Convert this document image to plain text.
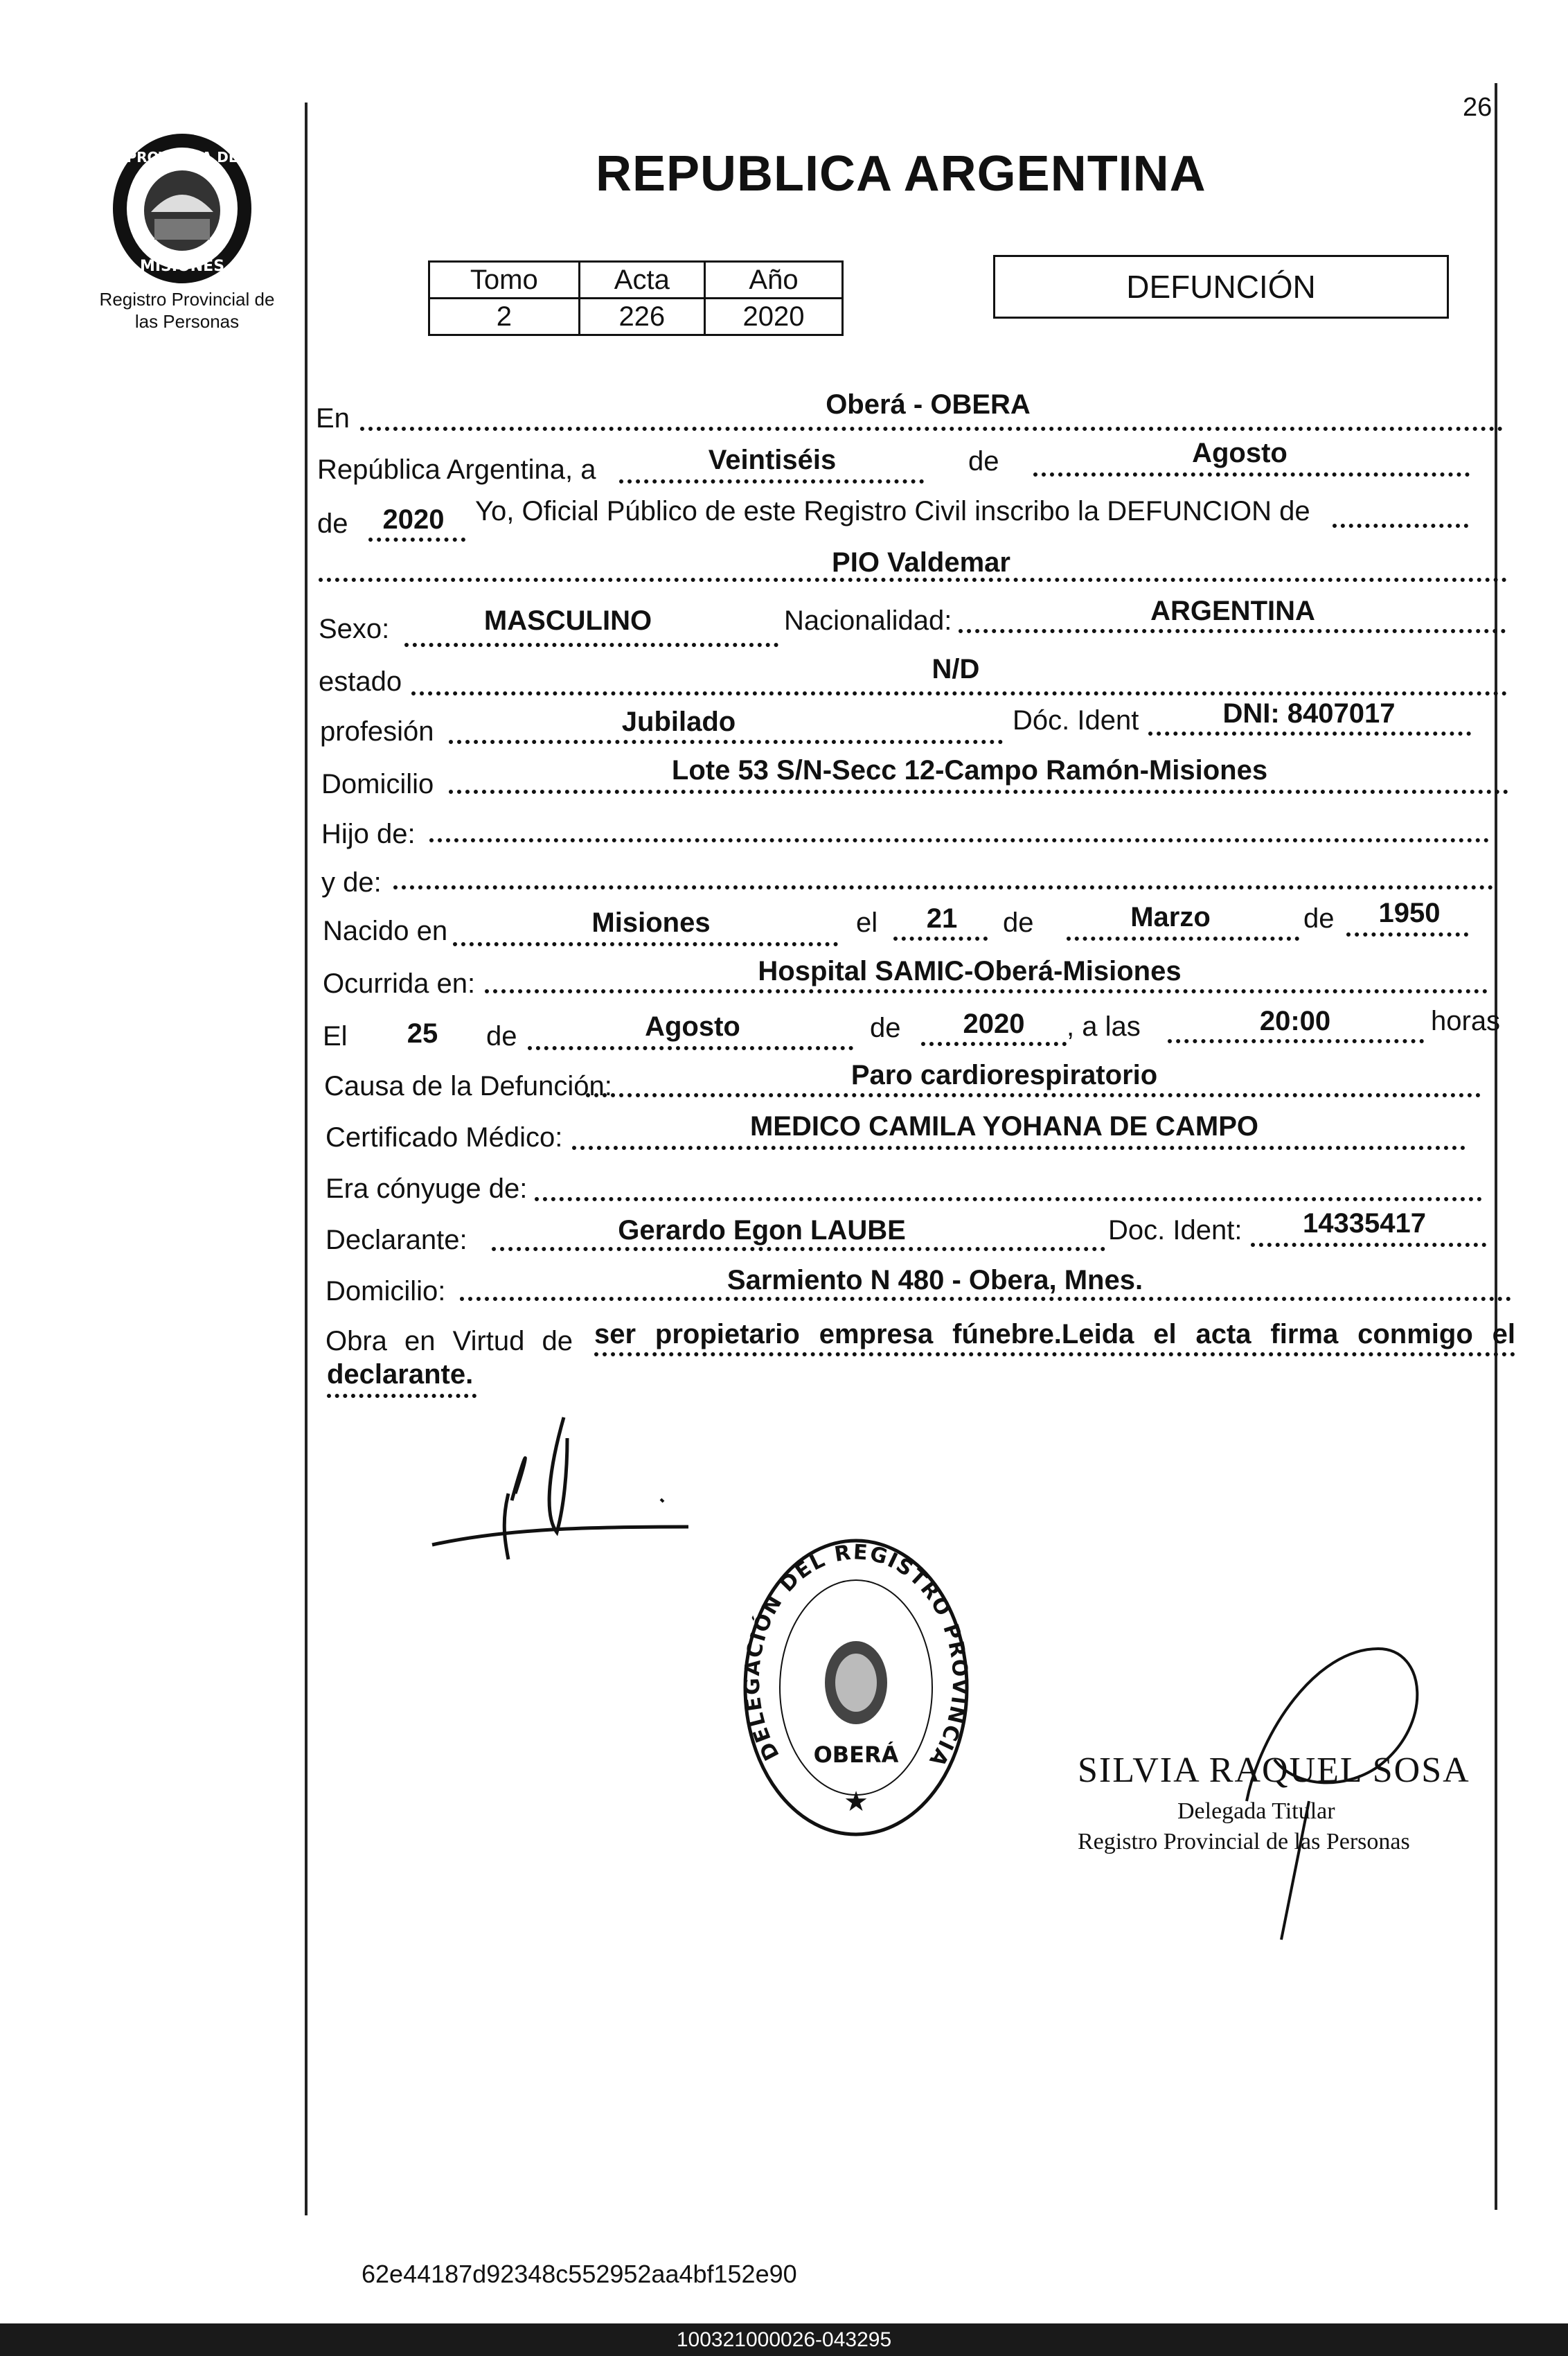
26
PROVINCIA DE
MISIONES
Registro Provincial de
las Personas
REPUBLICA ARGENTINA
Tomo	Acta	Año
2	226	2020
DEFUNCIÓN
En	Oberá - OBERA
República Argentina, a	Veintiséis	de	Agosto
de	2020	Yo, Oficial Público de este Registro Civil inscribo la DEFUNCION de
PIO Valdemar
Sexo:	MASCULINO	Nacionalidad:	ARGENTINA
estado	N/D
profesión	Jubilado	Dóc. Ident	DNI: 8407017
Domicilio	Lote 53 S/N-Secc 12-Campo Ramón-Misiones
Hijo de:
y de:
Nacido en	Misiones	el	21	de	Marzo	de	1950
Ocurrida en:	Hospital SAMIC-Oberá-Misiones
El	25	de	Agosto	de	2020	, a las	20:00	horas
Causa de la Defunción:	Paro cardiorespiratorio
Certificado Médico:	MEDICO CAMILA YOHANA DE CAMPO
Era cónyuge de:
Declarante:	Gerardo Egon LAUBE	Doc. Ident:	14335417
Domicilio:	Sarmiento N 480 - Obera, Mnes.
Obra en Virtud de ser propietario empresa fúnebre.Leida el acta firma conmigo el
declarante.
DELEGACIÓN DEL REGISTRO PROVINCIA
OBERÁ
★
SILVIA RAQUEL SOSA
Delegada Titular
Registro Provincial de las Personas
62e44187d92348c552952aa4bf152e90
100321000026-043295
